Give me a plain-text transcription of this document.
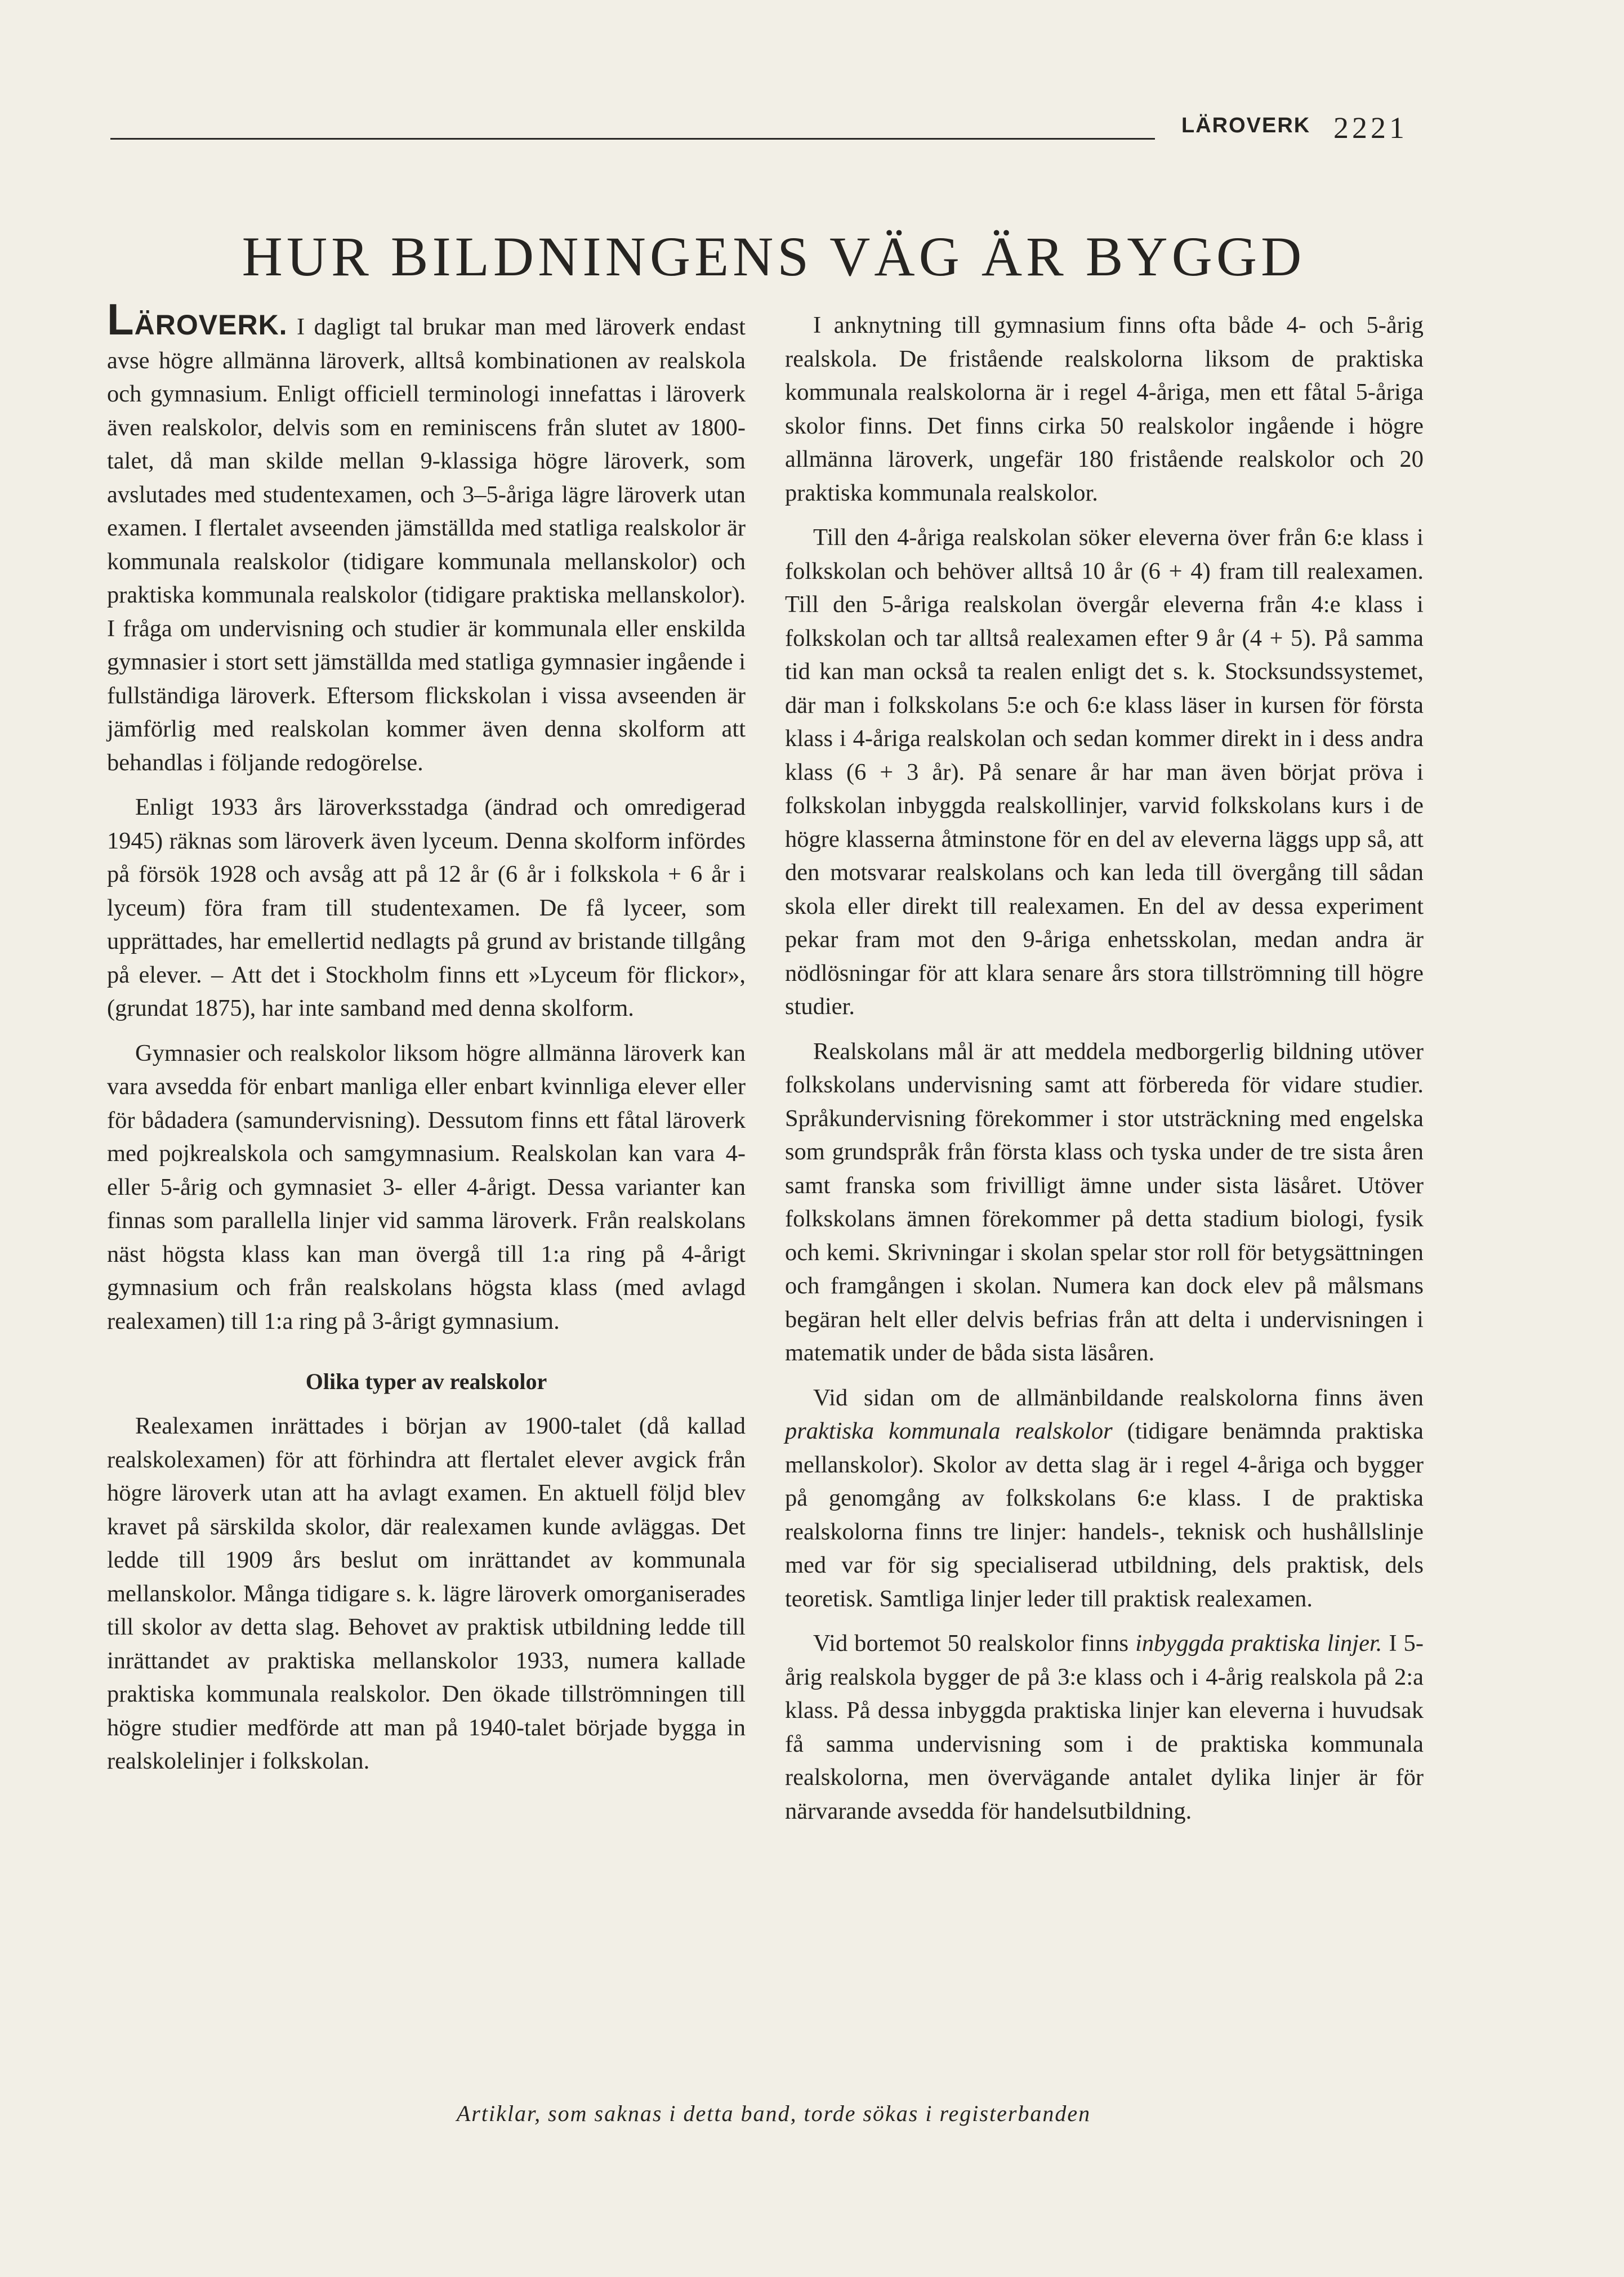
LÄROVERK 2221
HUR BILDNINGENS VÄG ÄR BYGGD

LÄROVERK. I dagligt tal brukar man med läroverk endast avse högre allmänna läroverk, alltså kombinationen av realskola och gymnasium. Enligt officiell terminologi innefattas i läroverk även realskolor, delvis som en reminiscens från slutet av 1800-talet, då man skilde mellan 9-klassiga högre läroverk, som avslutades med studentexamen, och 3–5-åriga lägre läroverk utan examen. I flertalet avseenden jämställda med statliga realskolor är kommunala realskolor (tidigare kommunala mellanskolor) och praktiska kommunala realskolor (tidigare praktiska mellanskolor). I fråga om undervisning och studier är kommunala eller enskilda gymnasier i stort sett jämställda med statliga gymnasier ingående i fullständiga läroverk. Eftersom flickskolan i vissa avseenden är jämförlig med realskolan kommer även denna skolform att behandlas i följande redogörelse.

Enligt 1933 års läroverksstadga (ändrad och omredigerad 1945) räknas som läroverk även lyceum. Denna skolform infördes på försök 1928 och avsåg att på 12 år (6 år i folkskola + 6 år i lyceum) föra fram till studentexamen. De få lyceer, som upprättades, har emellertid nedlagts på grund av bristande tillgång på elever. – Att det i Stockholm finns ett »Lyceum för flickor», (grundat 1875), har inte samband med denna skolform.

Gymnasier och realskolor liksom högre allmänna läroverk kan vara avsedda för enbart manliga eller enbart kvinnliga elever eller för bådadera (samundervisning). Dessutom finns ett fåtal läroverk med pojkrealskola och samgymnasium. Realskolan kan vara 4- eller 5-årig och gymnasiet 3- eller 4-årigt. Dessa varianter kan finnas som parallella linjer vid samma läroverk. Från realskolans näst högsta klass kan man övergå till 1:a ring på 4-årigt gymnasium och från realskolans högsta klass (med avlagd realexamen) till 1:a ring på 3-årigt gymnasium.

Olika typer av realskolor

Realexamen inrättades i början av 1900-talet (då kallad realskolexamen) för att förhindra att flertalet elever avgick från högre läroverk utan att ha avlagt examen. En aktuell följd blev kravet på särskilda skolor, där realexamen kunde avläggas. Det ledde till 1909 års beslut om inrättandet av kommunala mellanskolor. Många tidigare s. k. lägre läroverk omorganiserades till skolor av detta slag. Behovet av praktisk utbildning ledde till inrättandet av praktiska mellanskolor 1933, numera kallade praktiska kommunala realskolor. Den ökade tillströmningen till högre studier medförde att man på 1940-talet började bygga in realskolelinjer i folkskolan.

I anknytning till gymnasium finns ofta både 4- och 5-årig realskola. De fristående realskolorna liksom de praktiska kommunala realskolorna är i regel 4-åriga, men ett fåtal 5-åriga skolor finns. Det finns cirka 50 realskolor ingående i högre allmänna läroverk, ungefär 180 fristående realskolor och 20 praktiska kommunala realskolor.

Till den 4-åriga realskolan söker eleverna över från 6:e klass i folkskolan och behöver alltså 10 år (6 + 4) fram till realexamen. Till den 5-åriga realskolan övergår eleverna från 4:e klass i folkskolan och tar alltså realexamen efter 9 år (4 + 5). På samma tid kan man också ta realen enligt det s. k. Stocksundssystemet, där man i folkskolans 5:e och 6:e klass läser in kursen för första klass i 4-åriga realskolan och sedan kommer direkt in i dess andra klass (6 + 3 år). På senare år har man även börjat pröva i folkskolan inbyggda realskollinjer, varvid folkskolans kurs i de högre klasserna åtminstone för en del av eleverna läggs upp så, att den motsvarar realskolans och kan leda till övergång till sådan skola eller direkt till realexamen. En del av dessa experiment pekar fram mot den 9-åriga enhetsskolan, medan andra är nödlösningar för att klara senare års stora tillströmning till högre studier.

Realskolans mål är att meddela medborgerlig bildning utöver folkskolans undervisning samt att förbereda för vidare studier. Språkundervisning förekommer i stor utsträckning med engelska som grundspråk från första klass och tyska under de tre sista åren samt franska som frivilligt ämne under sista läsåret. Utöver folkskolans ämnen förekommer på detta stadium biologi, fysik och kemi. Skrivningar i skolan spelar stor roll för betygsättningen och framgången i skolan. Numera kan dock elev på målsmans begäran helt eller delvis befrias från att delta i undervisningen i matematik under de båda sista läsåren.

Vid sidan om de allmänbildande realskolorna finns även praktiska kommunala realskolor (tidigare benämnda praktiska mellanskolor). Skolor av detta slag är i regel 4-åriga och bygger på genomgång av folkskolans 6:e klass. I de praktiska realskolorna finns tre linjer: handels-, teknisk och hushållslinje med var för sig specialiserad utbildning, dels praktisk, dels teoretisk. Samtliga linjer leder till praktisk realexamen.

Vid bortemot 50 realskolor finns inbyggda praktiska linjer. I 5-årig realskola bygger de på 3:e klass och i 4-årig realskola på 2:a klass. På dessa inbyggda praktiska linjer kan eleverna i huvudsak få samma undervisning som i de praktiska kommunala realskolorna, men övervägande antalet dylika linjer är för närvarande avsedda för handelsutbildning.

Artiklar, som saknas i detta band, torde sökas i registerbanden
